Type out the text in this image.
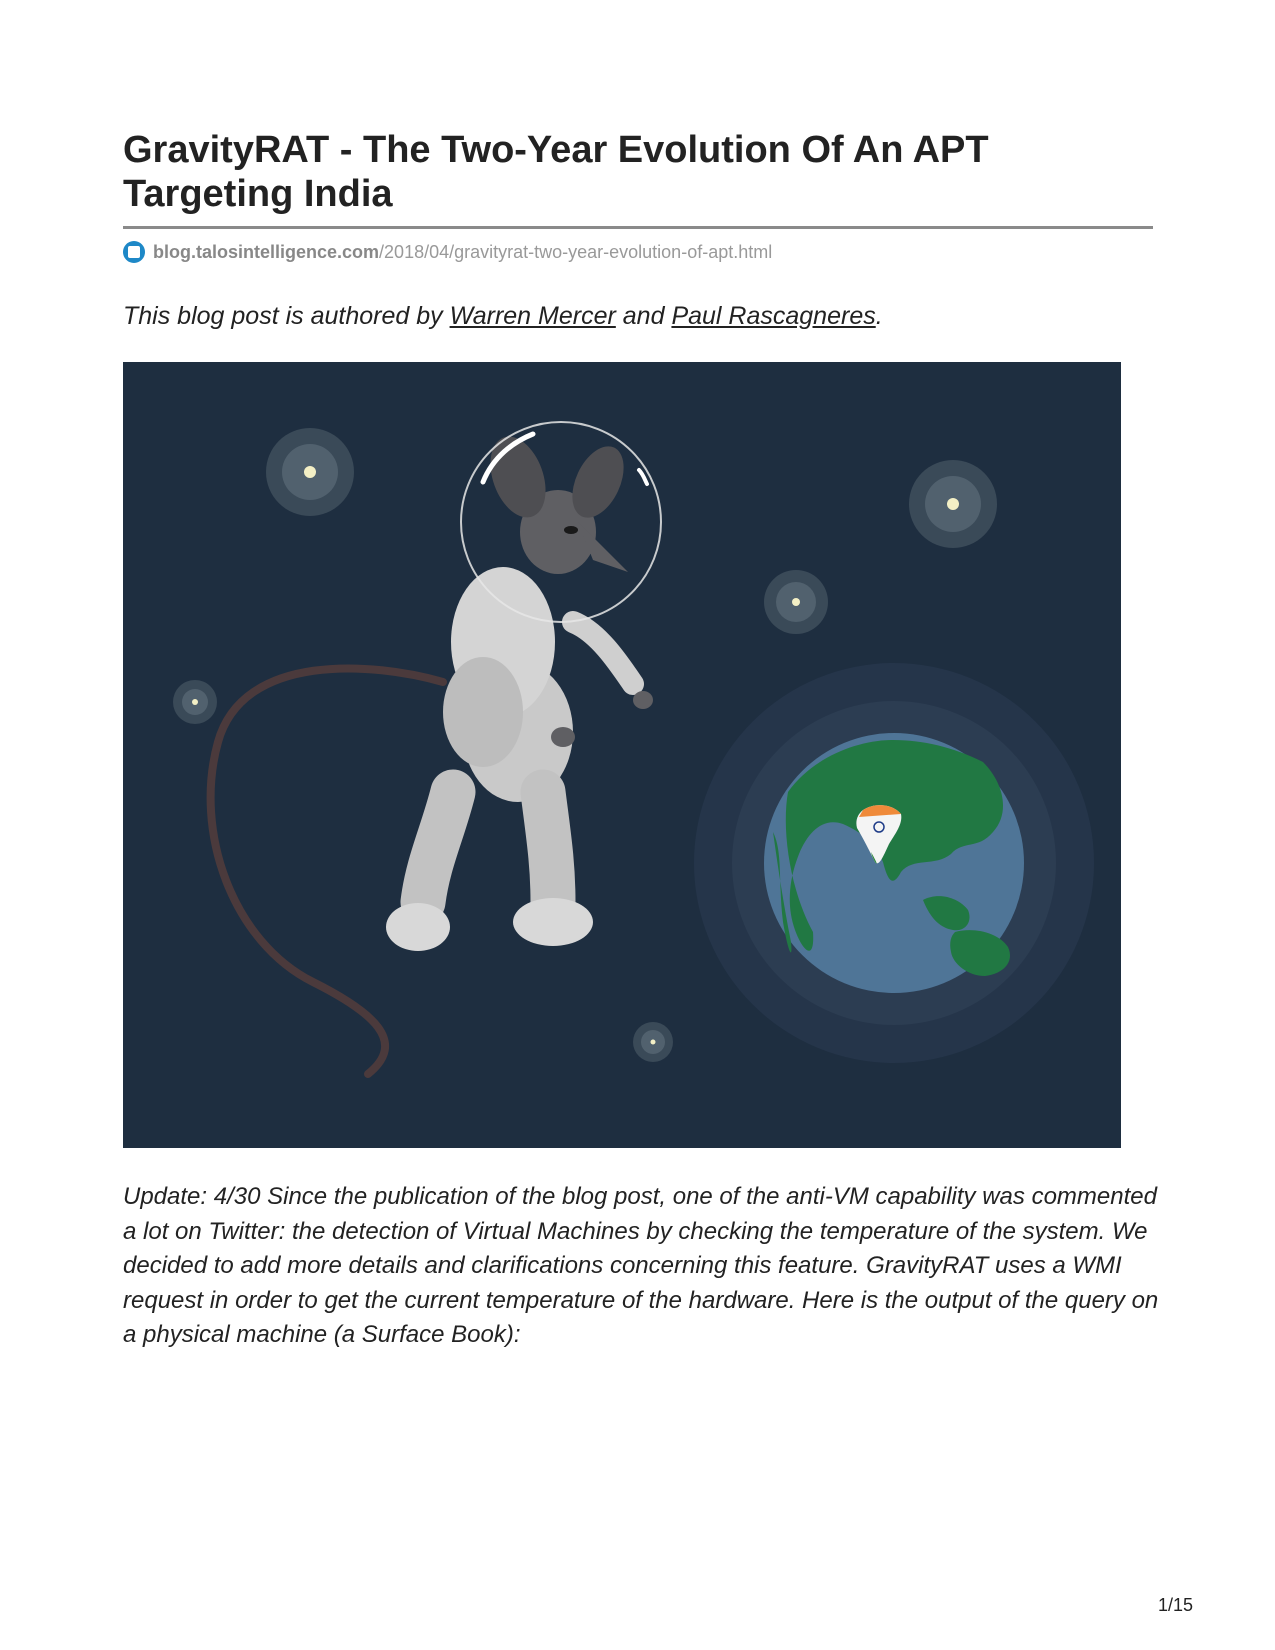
GravityRAT - The Two-Year Evolution Of An APT Targeting India
blog.talosintelligence.com /2018/04/gravityrat-two-year-evolution-of-apt.html

This blog post is authored by Warren Mercer and Paul Rascagneres.

Update: 4/30 Since the publication of the blog post, one of the anti-VM capability was commented a lot on Twitter: the detection of Virtual Machines by checking the temperature of the system. We decided to add more details and clarifications concerning this feature. GravityRAT uses a WMI request in order to get the current temperature of the hardware. Here is the output of the query on a physical machine (a Surface Book):

1/15
